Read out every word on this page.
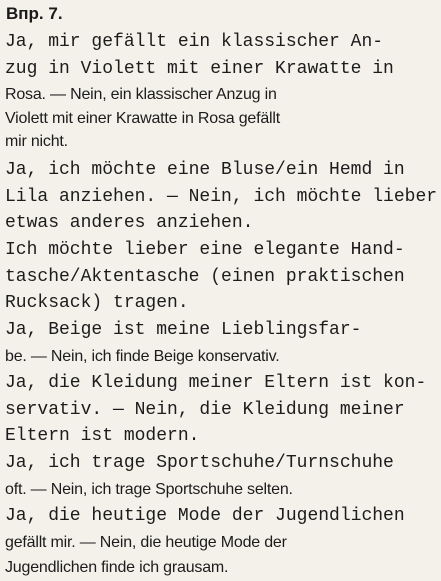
Впр. 7.
Ja, mir gefällt ein klassischer An-
zug in Violett mit einer Krawatte in
Rosa. — Nein, ein klassischer Anzug in
Violett mit einer Krawatte in Rosa gefällt
mir nicht.
Ja, ich möchte eine Bluse/ein Hemd in
Lila anziehen. — Nein, ich möchte lieber
etwas anderes anziehen.
Ich möchte lieber eine elegante Hand-
tasche/Aktentasche (einen praktischen
Rucksack) tragen.
Ja, Beige ist meine Lieblingsfar-
be. — Nein, ich finde Beige konservativ.
Ja, die Kleidung meiner Eltern ist kon-
servativ. — Nein, die Kleidung meiner
Eltern ist modern.
Ja, ich trage Sportschuhe/Turnschuhe
oft. — Nein, ich trage Sportschuhe selten.
Ja, die heutige Mode der Jugendlichen
gefällt mir. — Nein, die heutige Mode der
Jugendlichen finde ich grausam.
